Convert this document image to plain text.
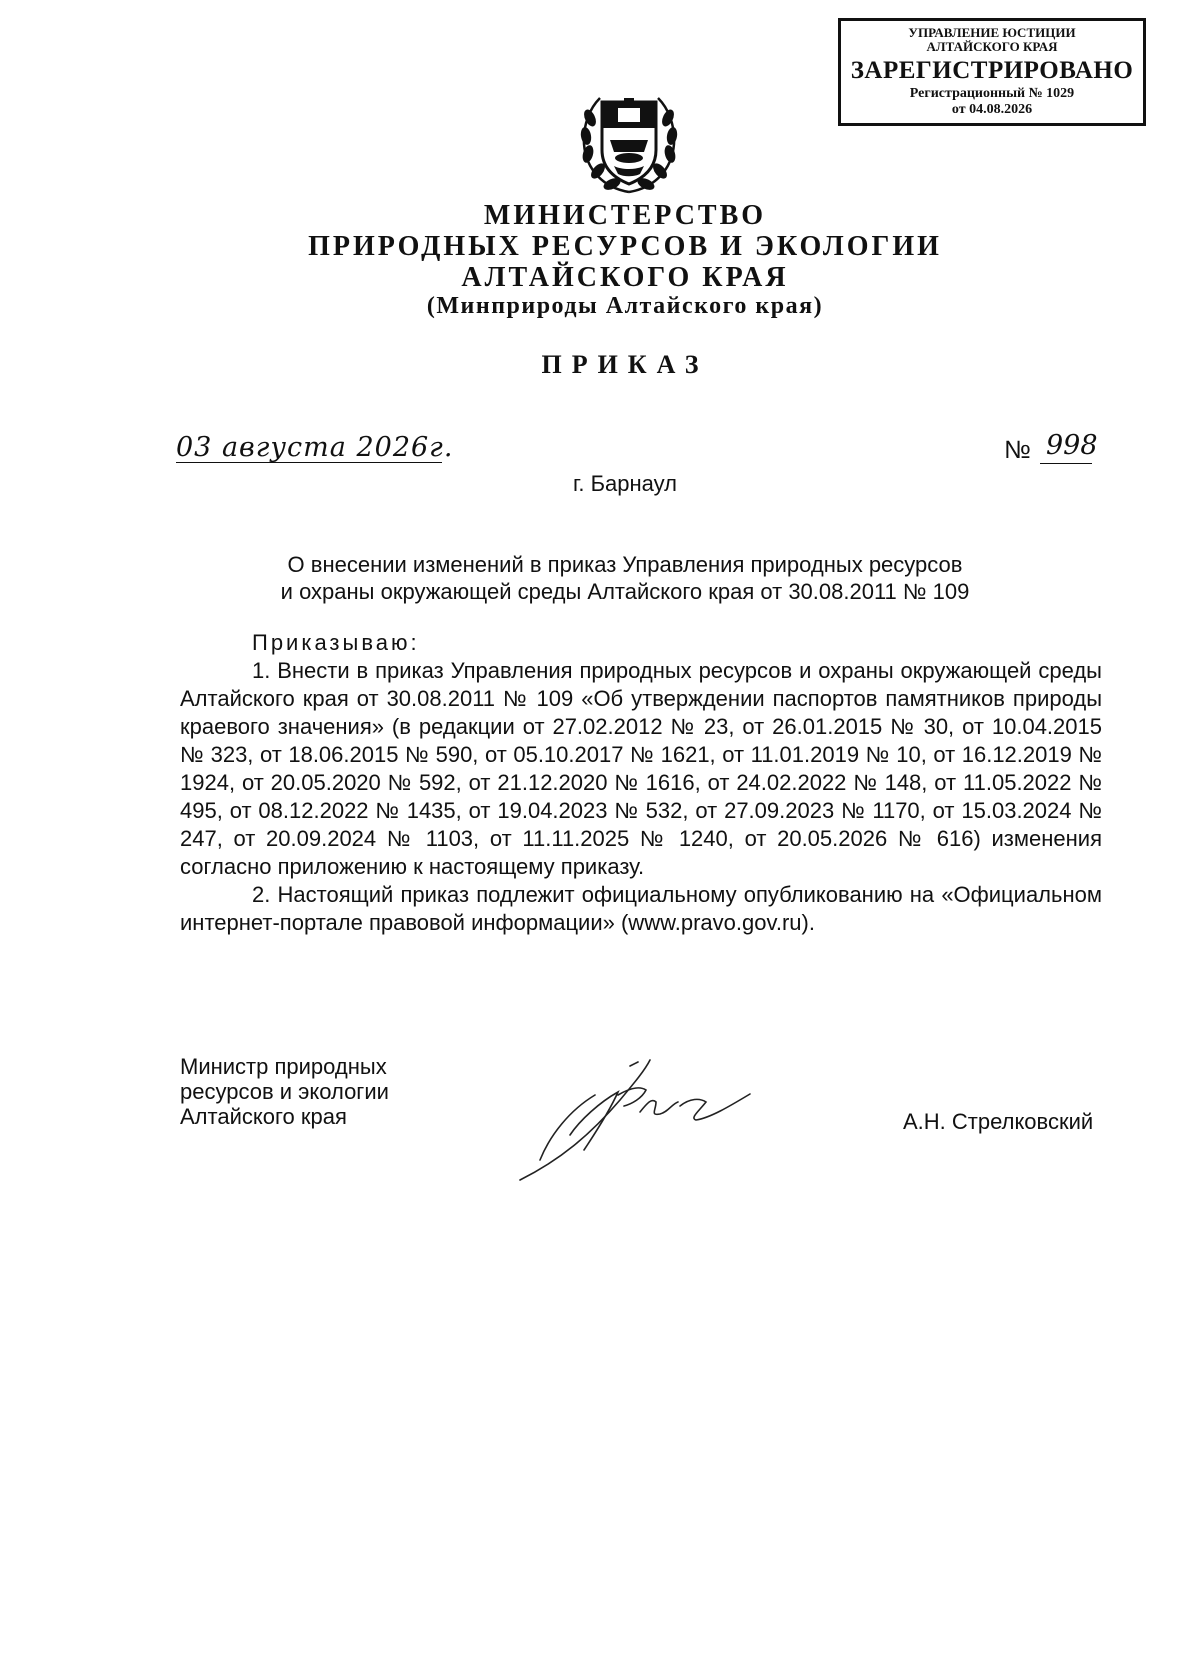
УПРАВЛЕНИЕ ЮСТИЦИИ
АЛТАЙСКОГО КРАЯ
ЗАРЕГИСТРИРОВАНО
Регистрационный № 1029
от 04.08.2026
МИНИСТЕРСТВО
ПРИРОДНЫХ РЕСУРСОВ И ЭКОЛОГИИ
АЛТАЙСКОГО КРАЯ
(Минприроды Алтайского края)
ПРИКАЗ
03 августа 2026г.	№ 998
г. Барнаул
О внесении изменений в приказ Управления природных ресурсов
и охраны окружающей среды Алтайского края от 30.08.2011 № 109

Приказываю:

1. Внести в приказ Управления природных ресурсов и охраны окружающей среды Алтайского края от 30.08.2011 № 109 «Об утверждении паспортов памятников природы краевого значения» (в редакции от 27.02.2012 № 23, от 26.01.2015 № 30, от 10.04.2015 № 323, от 18.06.2015 № 590, от 05.10.2017 № 1621, от 11.01.2019 № 10, от 16.12.2019 № 1924, от 20.05.2020 № 592, от 21.12.2020 № 1616, от 24.02.2022 № 148, от 11.05.2022 № 495, от 08.12.2022 № 1435, от 19.04.2023 № 532, от 27.09.2023 № 1170, от 15.03.2024 № 247, от 20.09.2024 № 1103, от 11.11.2025 № 1240, от 20.05.2026 № 616) изменения согласно приложению к настоящему приказу.

2. Настоящий приказ подлежит официальному опубликованию на «Официальном интернет-портале правовой информации» (www.pravo.gov.ru).

Министр природных
ресурсов и экологии
Алтайского края	А.Н. Стрелковский
